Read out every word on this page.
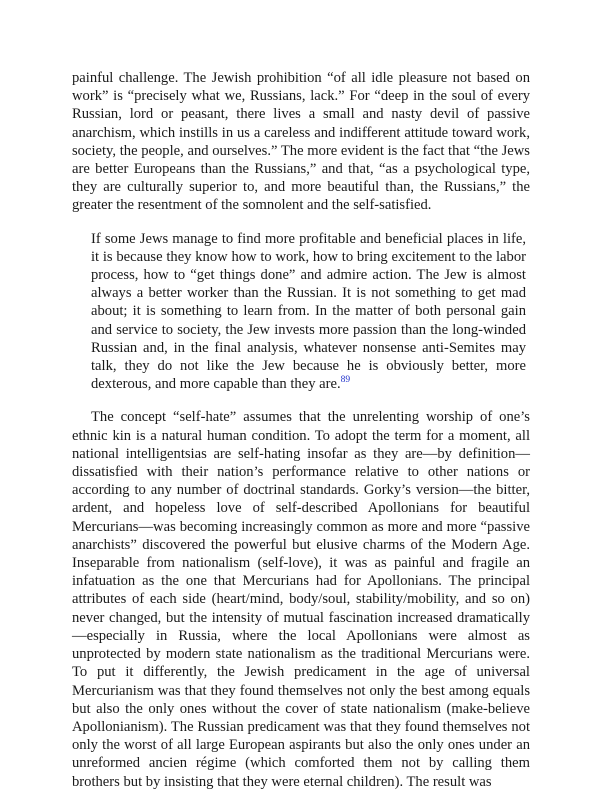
painful challenge. The Jewish prohibition “of all idle pleasure not based on work” is “precisely what we, Russians, lack.” For “deep in the soul of every Russian, lord or peasant, there lives a small and nasty devil of passive anarchism, which instills in us a careless and indifferent attitude toward work, society, the people, and ourselves.” The more evident is the fact that “the Jews are better Europeans than the Russians,” and that, “as a psychological type, they are culturally superior to, and more beautiful than, the Russians,” the greater the resentment of the somnolent and the self-satisfied.

If some Jews manage to find more profitable and beneficial places in life, it is because they know how to work, how to bring excitement to the labor process, how to “get things done” and admire action. The Jew is almost always a better worker than the Russian. It is not something to get mad about; it is something to learn from. In the matter of both personal gain and service to society, the Jew invests more passion than the long-winded Russian and, in the final analysis, whatever nonsense anti-Semites may talk, they do not like the Jew because he is obviously better, more dexterous, and more capable than they are.$^{89}$

The concept “self-hate” assumes that the unrelenting worship of one’s ethnic kin is a natural human condition. To adopt the term for a moment, all national intelligentsias are self-hating insofar as they are—by definition—dissatisfied with their nation’s performance relative to other nations or according to any number of doctrinal standards. Gorky’s version—the bitter, ardent, and hopeless love of self-described Apollonians for beautiful Mercurians—was becoming increasingly common as more and more “passive anarchists” discovered the powerful but elusive charms of the Modern Age. Inseparable from nationalism (self-love), it was as painful and fragile an infatuation as the one that Mercurians had for Apollonians. The principal attributes of each side (heart/mind, body/soul, stability/mobility, and so on) never changed, but the intensity of mutual fascination increased dramatically—especially in Russia, where the local Apollonians were almost as unprotected by modern state nationalism as the traditional Mercurians were. To put it differently, the Jewish predicament in the age of universal Mercurianism was that they found themselves not only the best among equals but also the only ones without the cover of state nationalism (make-believe Apollonianism). The Russian predicament was that they found themselves not only the worst of all large European aspirants but also the only ones under an unreformed ancien régime (which comforted them not by calling them brothers but by insisting that they were eternal children). The result was
